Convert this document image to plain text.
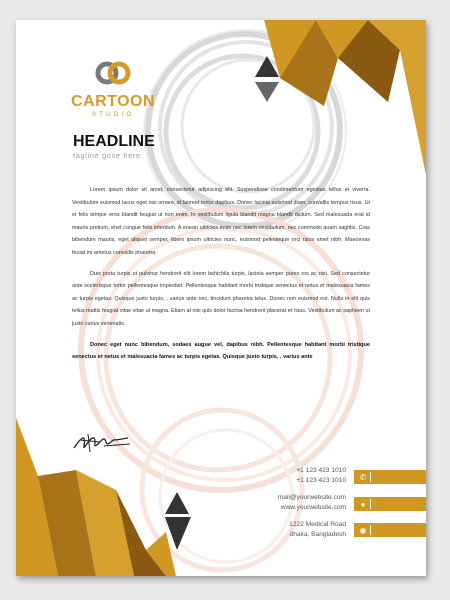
CARTOON
STUDIO
HEADLINE
tagline gose here

Lorem ipsum dolor sit amet, consectetur adipiscing elit. Suspendisse condimentum egestas tellus et viverra. Vestibulum euismod lacus eget nisi ornare, id laoreet tortor dapibus. Donec lacinia euismod diam, convallis tempus risus. Ut et felis tempor eros blandit feugiat ut non enim. In vestibulum ligula blandit magna blandit dictum. Sed malesuada erat id mauris pretium, ehet congue felis interdum. A enean ultricies enim nec lorem vestibulum, nec commodo quam sagittis. Cras bibendum mauris, eget aliquet semper, libero ipsum ultricies nunc, euismod pelenteque orci risus amet nibh. Maecenas feuiat mi ametus convallis pharetra.

Duis porta turpis ut pulvinar hendrerit elit lorem behichila turpis, lacinia semper pures ros ac nisi. Sed consectetur ante scelerisque tortor pellentesque imperdiet. Pellentesque habitant morbi tristique senectus et netus et malesuacia fames ac turpis egetas. Quisque justo turpis, , varius ante nec, tincidunt pharetra telus. Donec non euismod est. Nulla in elit quis tellus mattis feugiat vitae vitae ut magna. Etiam at nisi quis dolor facinia hendrerit placerat et risus. Vestibulum ac sapheen ut justo varius venenatis.

Donec eget nunc bibendum, sodaes augue vel, dapibus nibh. Pellentesque habitant morbi tristique senectus et netus et malesuacia fames ac turpis egetas. Quisque justo turpis, , varius ante

+1 123 423 1010
+1 123 423 1010
mail@yourwebsite.com
www.yourwebsite.com
1222 Medical Road
dhaka, Bangladesh
✆
●
◉
